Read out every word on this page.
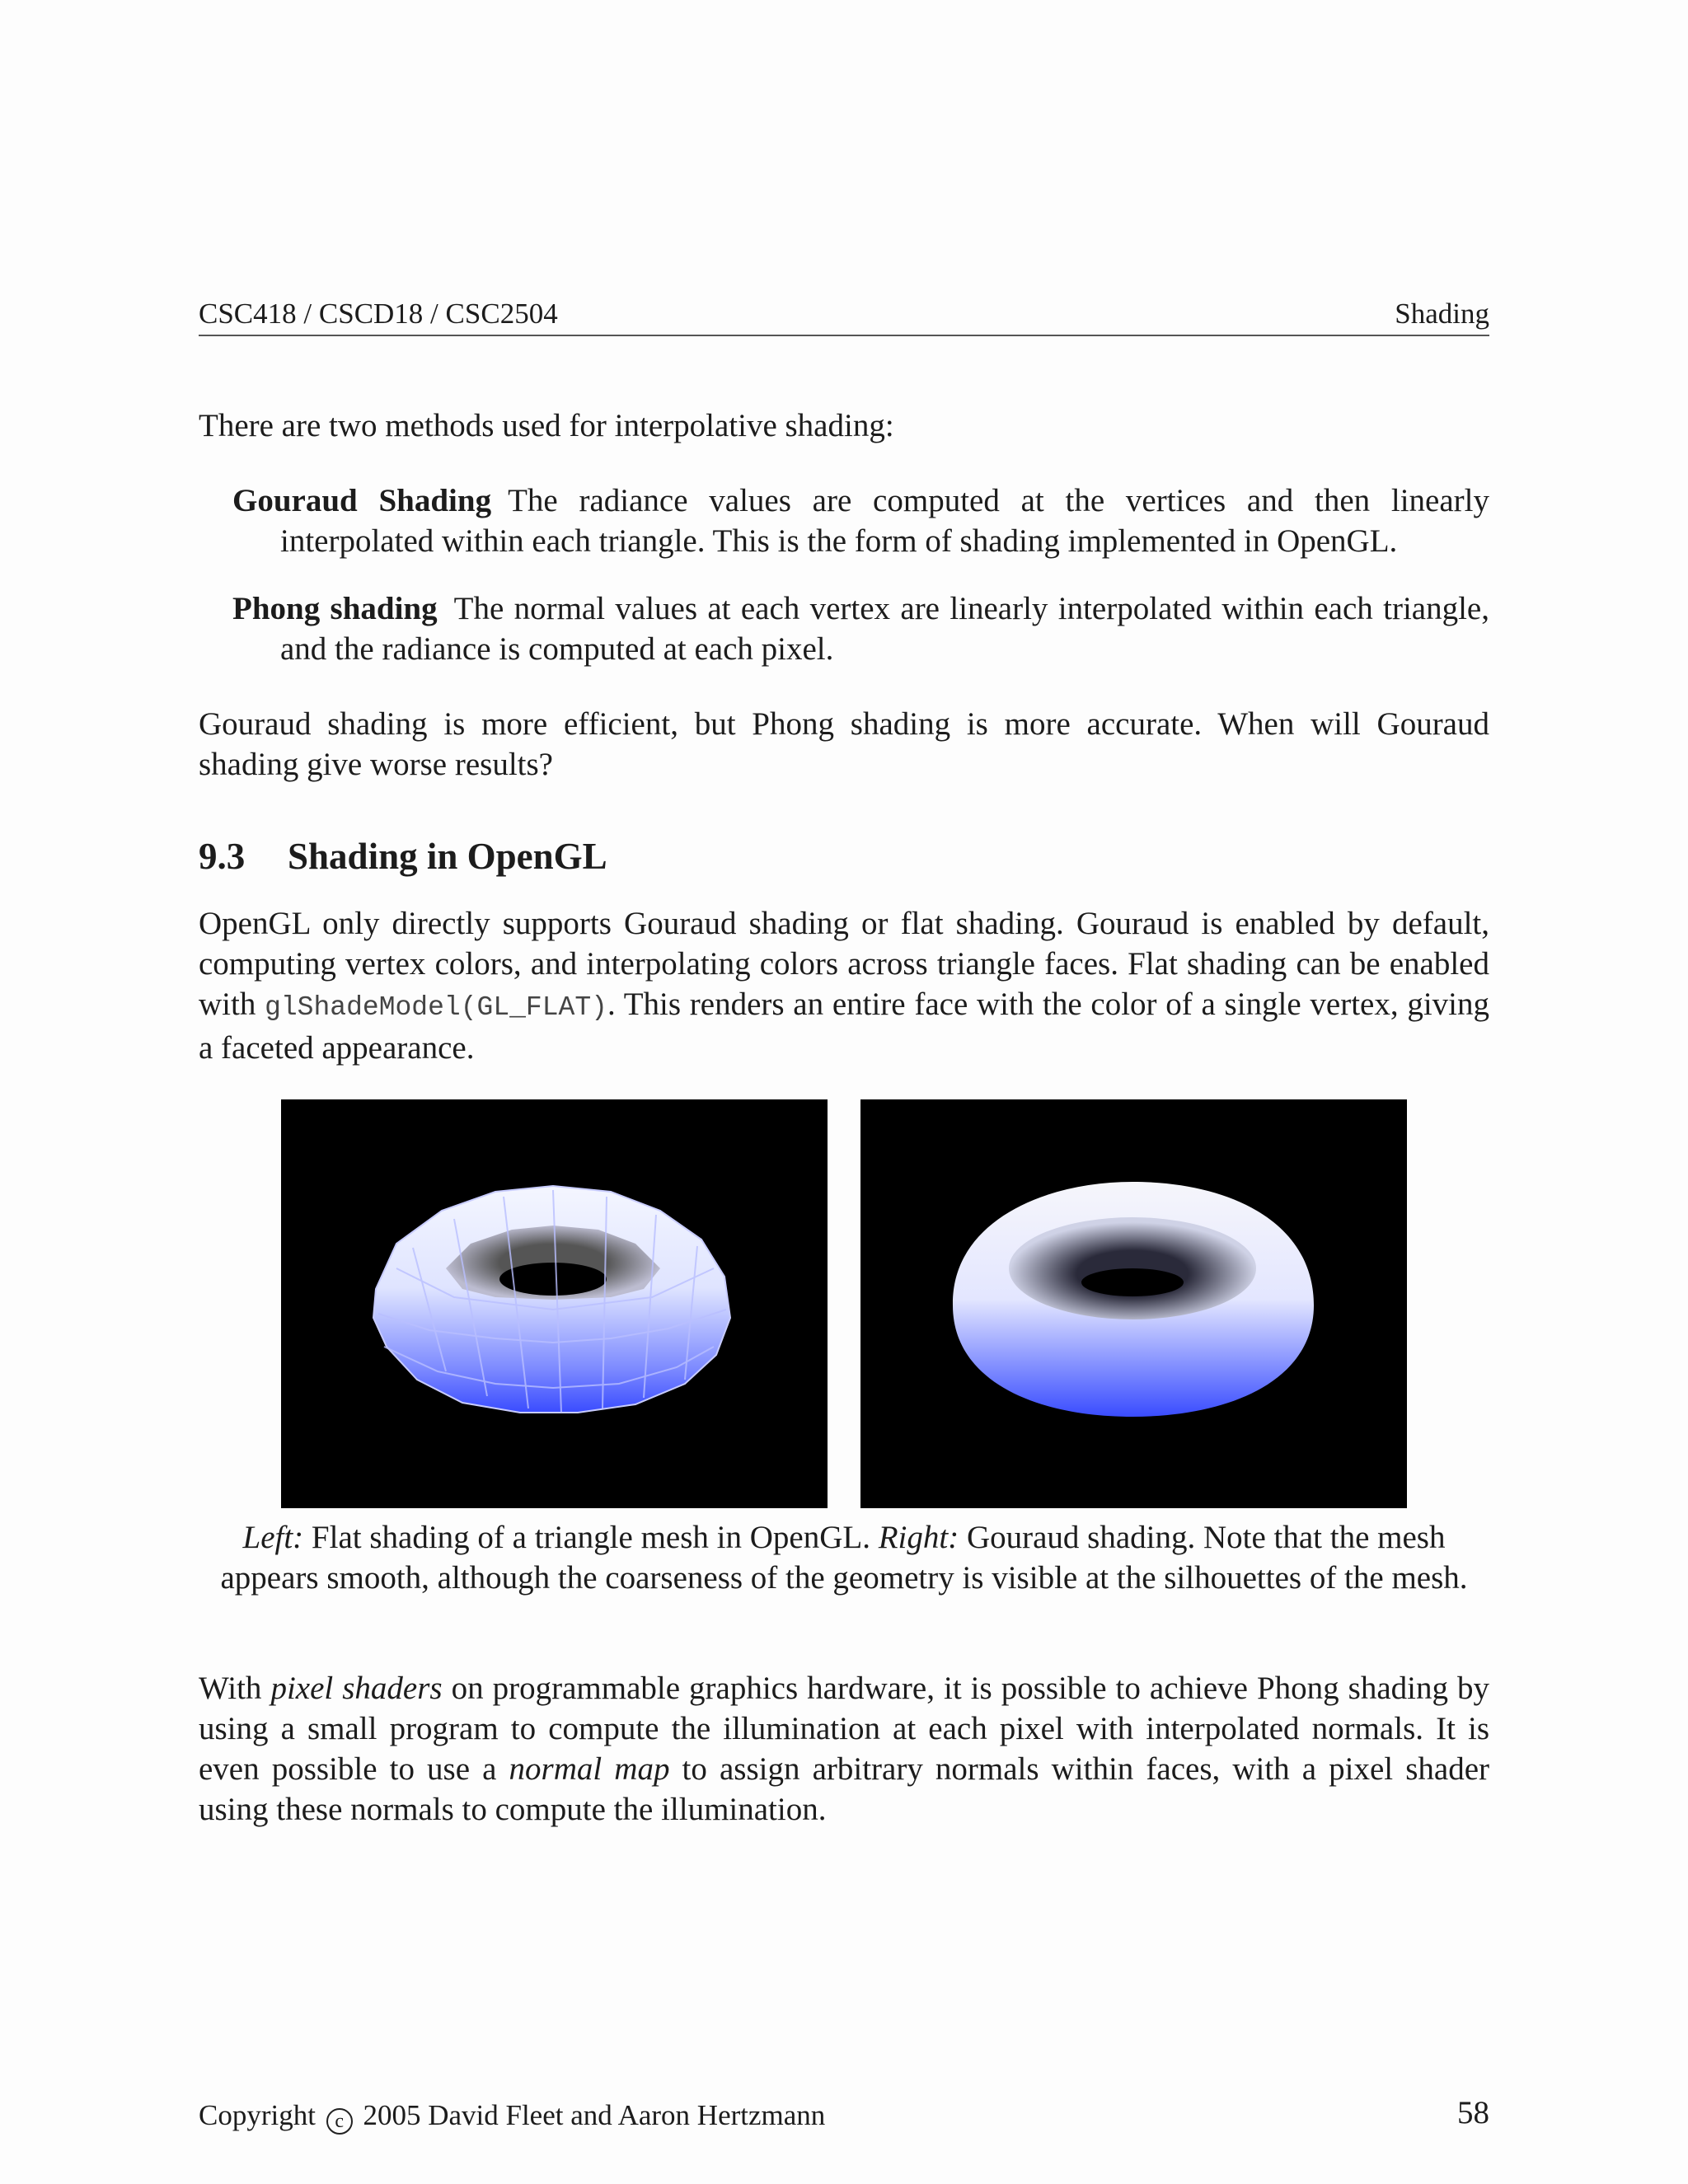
CSC418 / CSCD18 / CSC2504	Shading
There are two methods used for interpolative shading:
Gouraud Shading The radiance values are computed at the vertices and then linearly interpolated within each triangle. This is the form of shading implemented in OpenGL.
Phong shading The normal values at each vertex are linearly interpolated within each triangle, and the radiance is computed at each pixel.
Gouraud shading is more efficient, but Phong shading is more accurate. When will Gouraud shading give worse results?
9.3 Shading in OpenGL
OpenGL only directly supports Gouraud shading or flat shading. Gouraud is enabled by default, computing vertex colors, and interpolating colors across triangle faces. Flat shading can be enabled with glShadeModel(GL_FLAT). This renders an entire face with the color of a single vertex, giving a faceted appearance.
Left: Flat shading of a triangle mesh in OpenGL. Right: Gouraud shading. Note that the mesh appears smooth, although the coarseness of the geometry is visible at the silhouettes of the mesh.
With pixel shaders on programmable graphics hardware, it is possible to achieve Phong shading by using a small program to compute the illumination at each pixel with interpolated normals. It is even possible to use a normal map to assign arbitrary normals within faces, with a pixel shader using these normals to compute the illumination.
Copyright c 2005 David Fleet and Aaron Hertzmann	58
